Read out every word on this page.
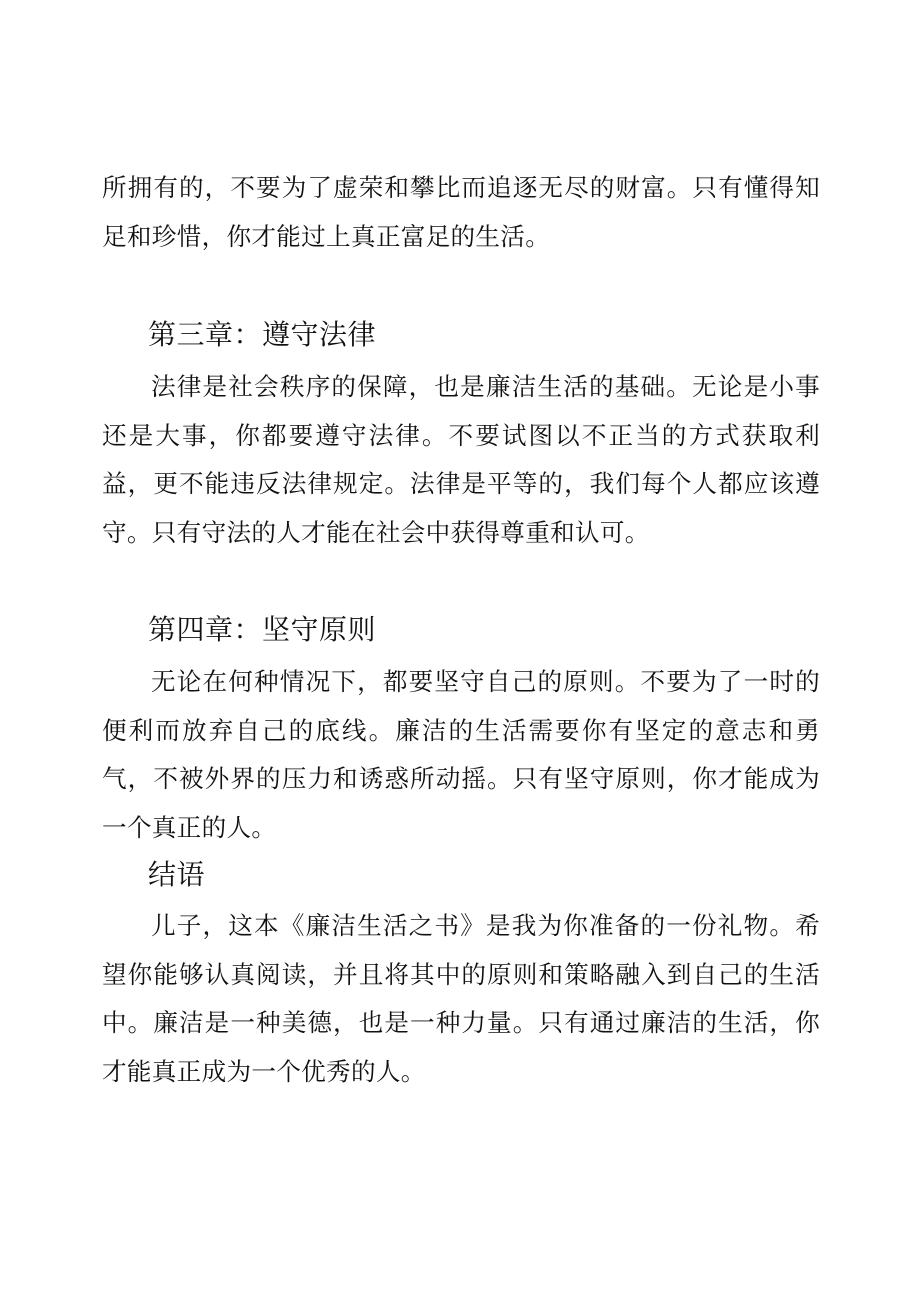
所拥有的，不要为了虚荣和攀比而追逐无尽的财富。只有懂得知足和珍惜，你才能过上真正富足的生活。

第三章：遵守法律

法律是社会秩序的保障，也是廉洁生活的基础。无论是小事还是大事，你都要遵守法律。不要试图以不正当的方式获取利益，更不能违反法律规定。法律是平等的，我们每个人都应该遵守。只有守法的人才能在社会中获得尊重和认可。

第四章：坚守原则

无论在何种情况下，都要坚守自己的原则。不要为了一时的便利而放弃自己的底线。廉洁的生活需要你有坚定的意志和勇气，不被外界的压力和诱惑所动摇。只有坚守原则，你才能成为一个真正的人。

结语

儿子，这本《廉洁生活之书》是我为你准备的一份礼物。希望你能够认真阅读，并且将其中的原则和策略融入到自己的生活中。廉洁是一种美德，也是一种力量。只有通过廉洁的生活，你才能真正成为一个优秀的人。
